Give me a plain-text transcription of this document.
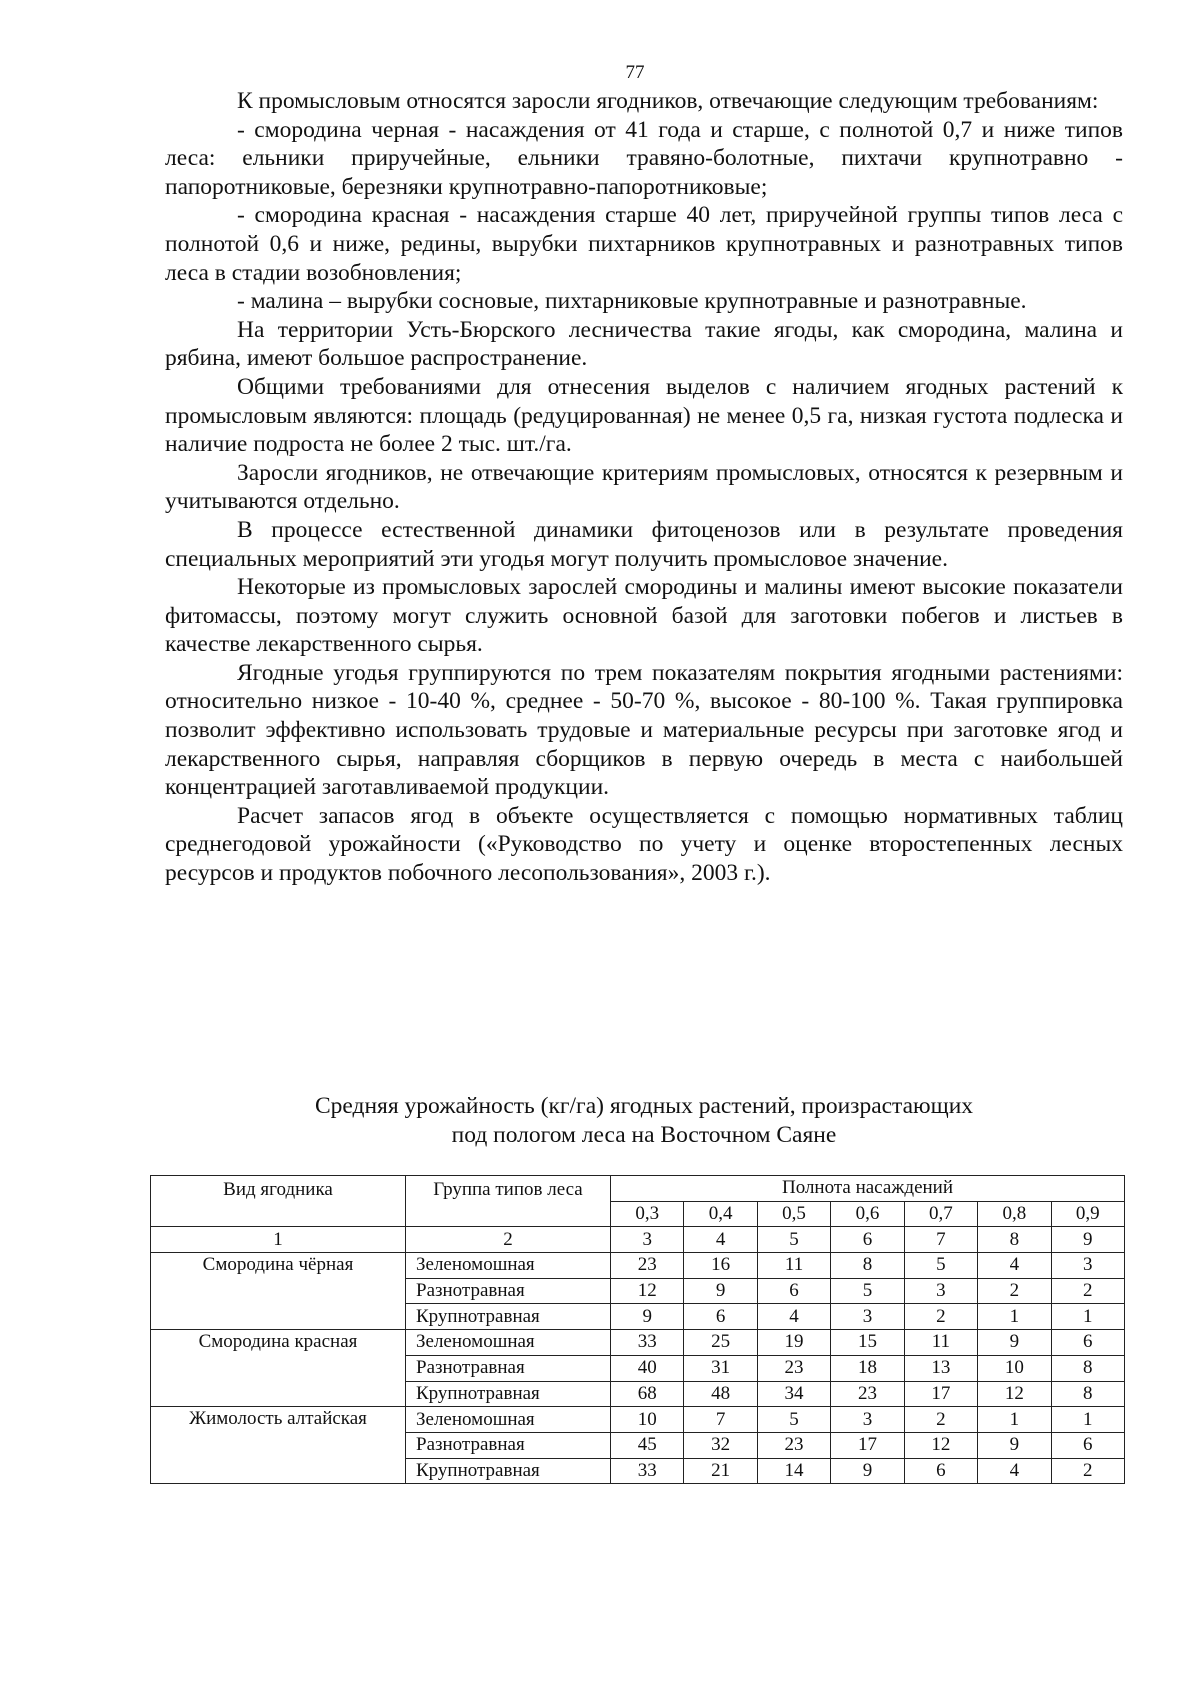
77

К промысловым относятся заросли ягодников, отвечающие следующим требованиям:

- смородина черная - насаждения от 41 года и старше, с полнотой 0,7 и ниже типов леса: ельники приручейные, ельники травяно-болотные, пихтачи крупнотравно - папоротниковые, березняки крупнотравно-папоротниковые;

- смородина красная - насаждения старше 40 лет, приручейной группы типов леса с полнотой 0,6 и ниже, редины, вырубки пихтарников крупнотравных и разнотравных типов леса в стадии возобновления;

- малина – вырубки сосновые, пихтарниковые крупнотравные и разнотравные.

На территории Усть-Бюрского лесничества такие ягоды, как смородина, малина и рябина, имеют большое распространение.

Общими требованиями для отнесения выделов с наличием ягодных растений к промысловым являются: площадь (редуцированная) не менее 0,5 га, низкая густота подлеска и наличие подроста не более 2 тыс. шт./га.

Заросли ягодников, не отвечающие критериям промысловых, относятся к резервным и учитываются отдельно.

В процессе естественной динамики фитоценозов или в результате проведения специальных мероприятий эти угодья могут получить промысловое значение.

Некоторые из промысловых зарослей смородины и малины имеют высокие показатели фитомассы, поэтому могут служить основной базой для заготовки побегов и листьев в качестве лекарственного сырья.

Ягодные угодья группируются по трем показателям покрытия ягодными растениями: относительно низкое - 10-40 %, среднее - 50-70 %, высокое - 80-100 %. Такая группировка позволит эффективно использовать трудовые и материальные ресурсы при заготовке ягод и лекарственного сырья, направляя сборщиков в первую очередь в места с наибольшей концентрацией заготавливаемой продукции.

Расчет запасов ягод в объекте осуществляется с помощью нормативных таблиц среднегодовой урожайности («Руководство по учету и оценке второстепенных лесных ресурсов и продуктов побочного лесопользования», 2003 г.).

Средняя урожайность (кг/га) ягодных растений, произрастающих
под пологом леса на Восточном Саяне
Вид ягодника	Группа типов леса	Полнота насаждений						
		0,3	0,4	0,5	0,6	0,7	0,8	0,9
1	2	3	4	5	6	7	8	9
Смородина чёрная	Зеленомошная	23	16	11	8	5	4	3
	Разнотравная	12	9	6	5	3	2	2
	Крупнотравная	9	6	4	3	2	1	1
Смородина красная	Зеленомошная	33	25	19	15	11	9	6
	Разнотравная	40	31	23	18	13	10	8
	Крупнотравная	68	48	34	23	17	12	8
Жимолость алтайская	Зеленомошная	10	7	5	3	2	1	1
	Разнотравная	45	32	23	17	12	9	6
	Крупнотравная	33	21	14	9	6	4	2
